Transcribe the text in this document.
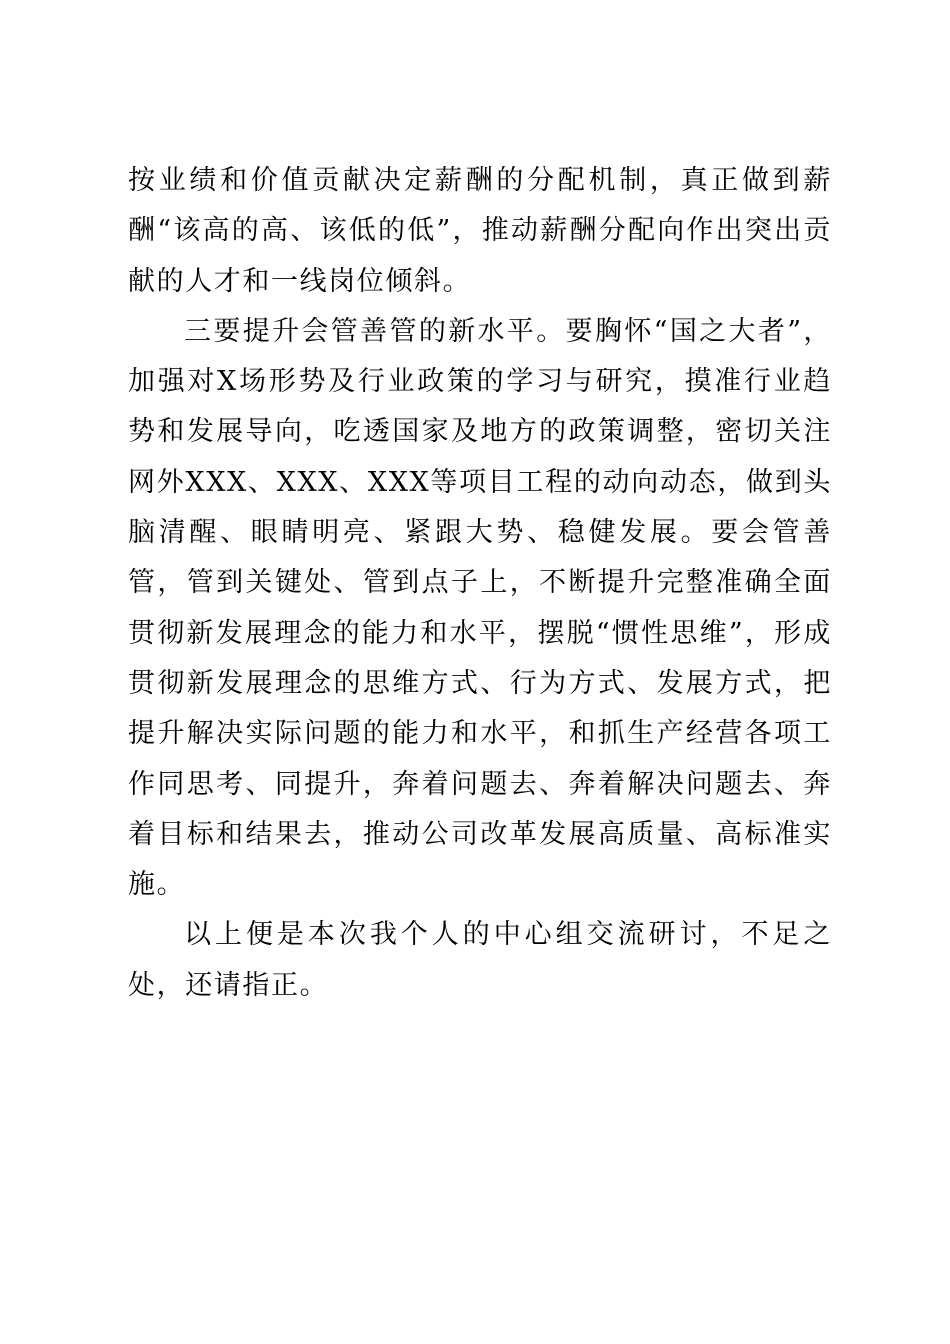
按业绩和价值贡献决定薪酬的分配机制，真正做到薪酬“该高的高、该低的低”，推动薪酬分配向作出突出贡献的人才和一线岗位倾斜。

三要提升会管善管的新水平。要胸怀“国之大者”，加强对X场形势及行业政策的学习与研究，摸准行业趋势和发展导向，吃透国家及地方的政策调整，密切关注网外XXX、XXX、XXX等项目工程的动向动态，做到头脑清醒、眼睛明亮、紧跟大势、稳健发展。要会管善管，管到关键处、管到点子上，不断提升完整准确全面贯彻新发展理念的能力和水平，摆脱“惯性思维”，形成贯彻新发展理念的思维方式、行为方式、发展方式，把提升解决实际问题的能力和水平，和抓生产经营各项工作同思考、同提升，奔着问题去、奔着解决问题去、奔着目标和结果去，推动公司改革发展高质量、高标准实施。

以上便是本次我个人的中心组交流研讨，不足之处，还请指正。
